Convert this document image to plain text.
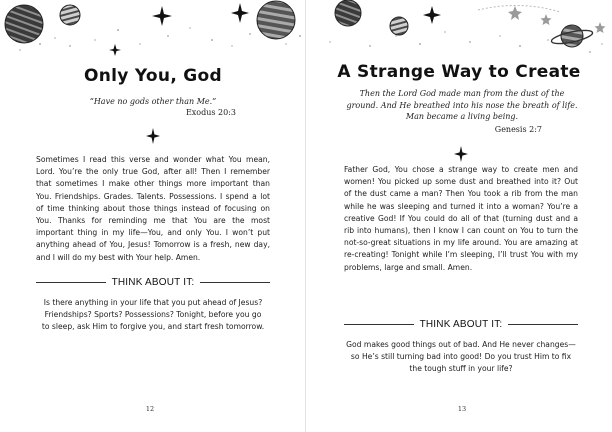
Only You, God
“Have no gods other than Me.”
Exodus 20:3
Sometimes I read this verse and wonder what You mean, Lord. You’re the only true God, after all! Then I remember that sometimes I make other things more important than You. Friendships. Grades. Talents. Possessions. I spend a lot of time thinking about those things instead of focusing on You. Thanks for reminding me that You are the most important thing in my life—You, and only You. I won’t put anything ahead of You, Jesus! Tomorrow is a fresh, new day, and I will do my best with Your help. Amen.
THINK ABOUT IT:
Is there anything in your life that you put ahead of Jesus? Friendships? Sports? Possessions? Tonight, before you go to sleep, ask Him to forgive you, and start fresh tomorrow.
12
A Strange Way to Create
Then the Lord God made man from the dust of the ground. And He breathed into his nose the breath of life. Man became a living being.
Genesis 2:7
Father God, You chose a strange way to create men and women! You picked up some dust and breathed into it? Out of the dust came a man? Then You took a rib from the man while he was sleeping and turned it into a woman? You’re a creative God! If You could do all of that (turning dust and a rib into humans), then I know I can count on You to turn the not-so-great situations in my life around. You are amazing at re-creating! Tonight while I’m sleeping, I’ll trust You with my problems, large and small. Amen.
THINK ABOUT IT:
God makes good things out of bad. And He never changes—so He’s still turning bad into good! Do you trust Him to fix the tough stuff in your life?
13
